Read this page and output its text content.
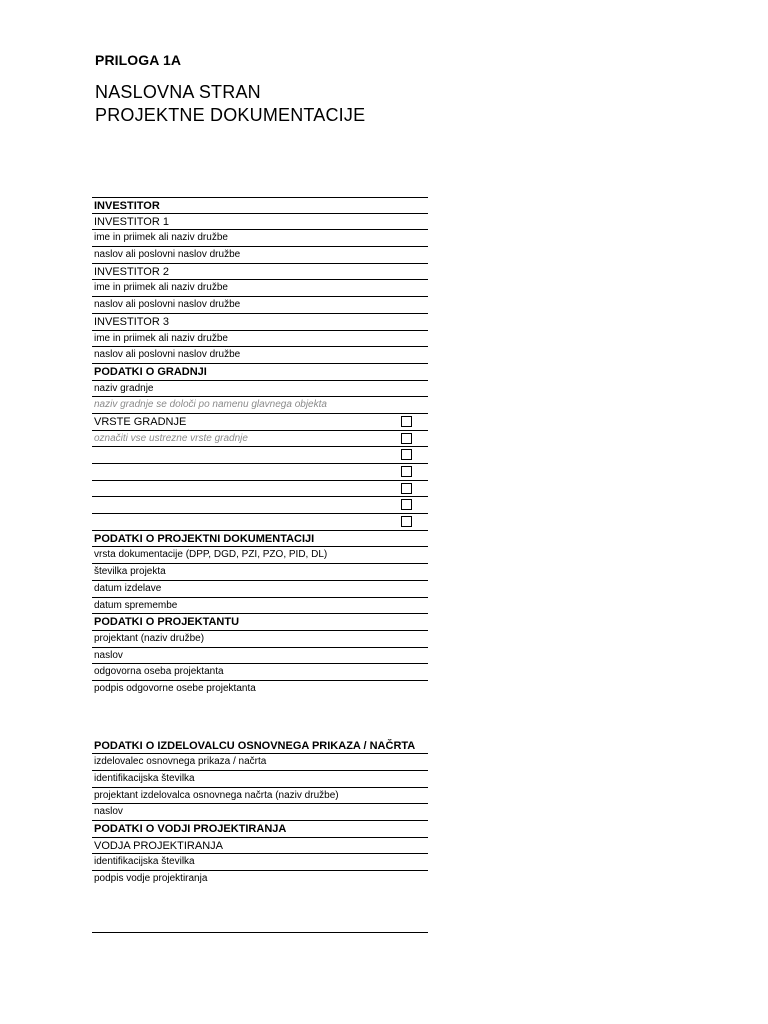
PRILOGA 1A
NASLOVNA STRAN
PROJEKTNE DOKUMENTACIJE
INVESTITOR
INVESTITOR 1
ime in priimek ali naziv družbe
naslov ali poslovni naslov družbe
INVESTITOR 2
ime in priimek ali naziv družbe
naslov ali poslovni naslov družbe
INVESTITOR 3
ime in priimek ali naziv družbe
naslov ali poslovni naslov družbe
PODATKI O GRADNJI
naziv gradnje
naziv gradnje se določi po namenu glavnega objekta
VRSTE GRADNJE
označiti vse ustrezne vrste gradnje
PODATKI O PROJEKTNI DOKUMENTACIJI
vrsta dokumentacije (DPP, DGD, PZI, PZO, PID, DL)
številka projekta
datum izdelave
datum spremembe
PODATKI O PROJEKTANTU
projektant (naziv družbe)
naslov
odgovorna oseba projektanta
podpis odgovorne osebe projektanta
PODATKI O IZDELOVALCU OSNOVNEGA PRIKAZA / NAČRTA
izdelovalec osnovnega prikaza / načrta
identifikacijska številka
projektant izdelovalca osnovnega načrta (naziv družbe)
naslov
PODATKI O VODJI PROJEKTIRANJA
VODJA PROJEKTIRANJA
identifikacijska številka
podpis vodje projektiranja
